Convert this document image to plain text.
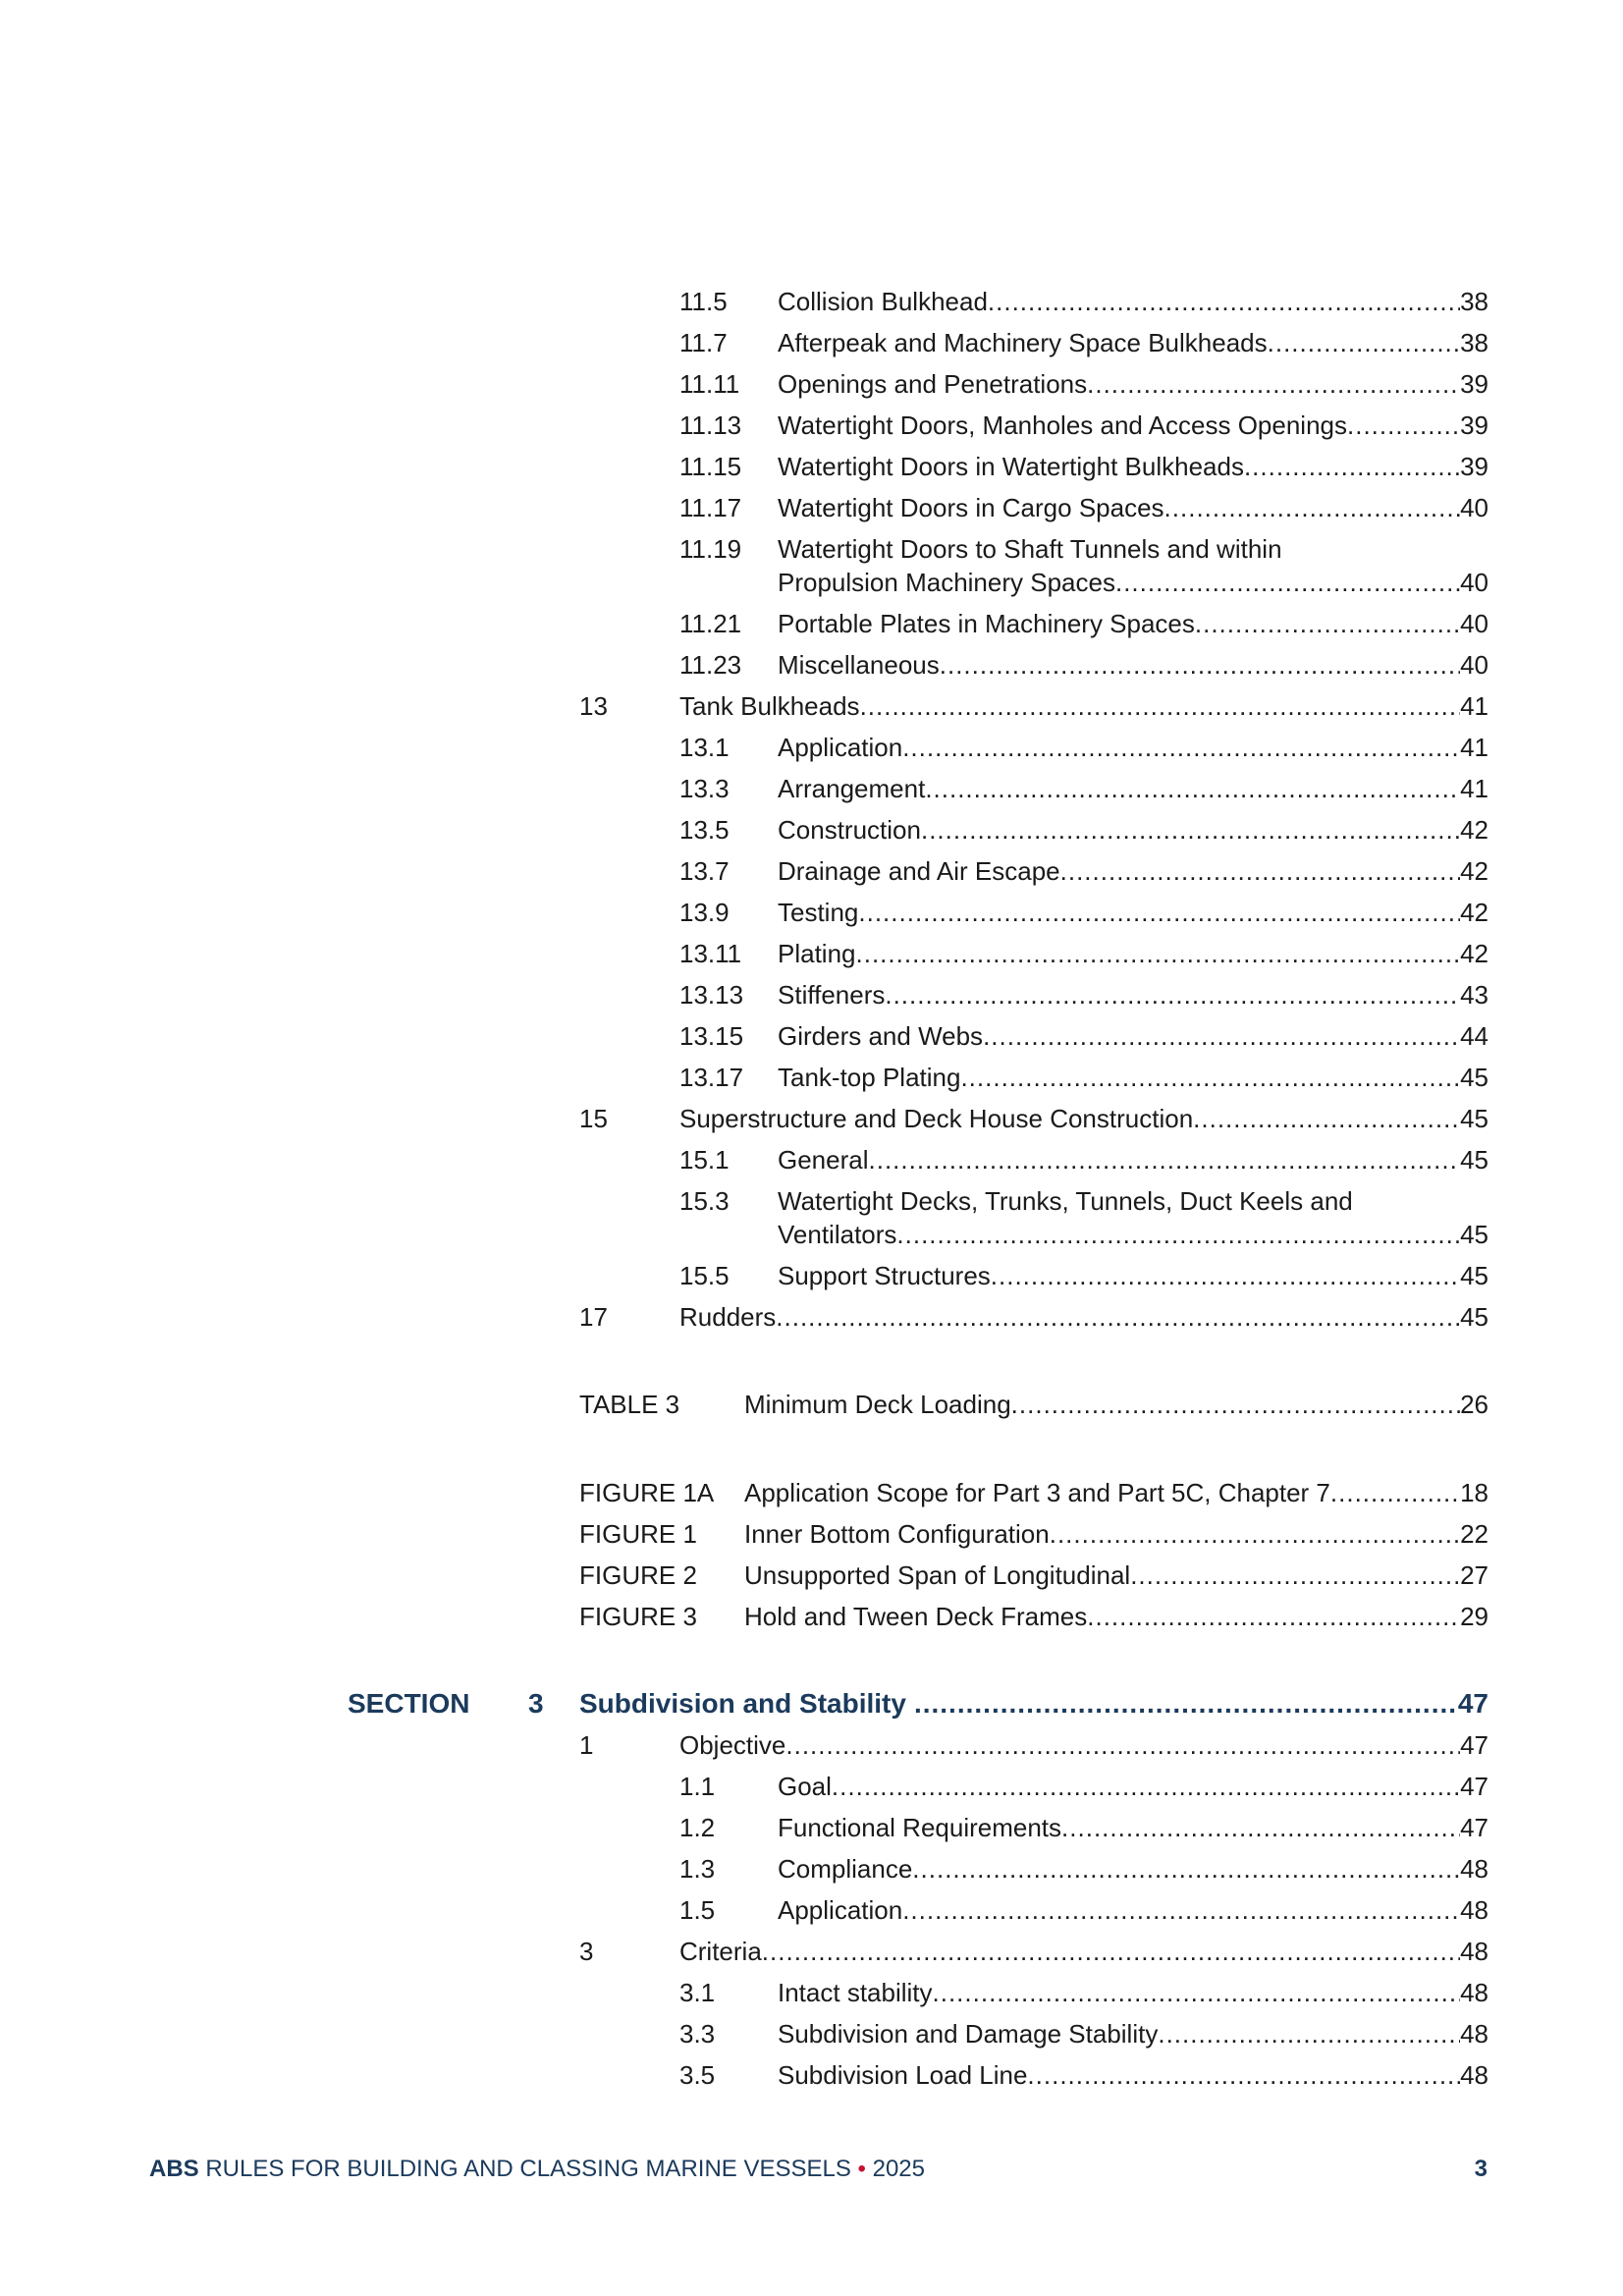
11.5	Collision Bulkhead .....	38
11.7	Afterpeak and Machinery Space Bulkheads .....	38
11.11	Openings and Penetrations .....	39
11.13	Watertight Doors, Manholes and Access Openings .....	39
11.15	Watertight Doors in Watertight Bulkheads .....	39
11.17	Watertight Doors in Cargo Spaces .....	40
11.19 Watertight Doors to Shaft Tunnels and within
Propulsion Machinery Spaces .....	40
11.21	Portable Plates in Machinery Spaces .....	40
11.23	Miscellaneous .....	40
13	Tank Bulkheads .....	41
13.1	Application .....	41
13.3	Arrangement .....	41
13.5	Construction .....	42
13.7	Drainage and Air Escape .....	42
13.9	Testing .....	42
13.11	Plating .....	42
13.13	Stiffeners .....	43
13.15	Girders and Webs .....	44
13.17	Tank-top Plating .....	45
15	Superstructure and Deck House Construction .....	45
15.1	General .....	45
15.3 Watertight Decks, Trunks, Tunnels, Duct Keels and
Ventilators .....	45
15.5	Support Structures .....	45
17	Rudders .....	45
TABLE 3	Minimum Deck Loading .....	26
FIGURE 1A	Application Scope for Part 3 and Part 5C, Chapter 7 .....	18
FIGURE 1	Inner Bottom Configuration .....	22
FIGURE 2	Unsupported Span of Longitudinal .....	27
FIGURE 3	Hold and Tween Deck Frames .....	29
SECTION 3 Subdivision and Stability .....	47
1	Objective .....	47
1.1	Goal .....	47
1.2	Functional Requirements .....	47
1.3	Compliance .....	48
1.5	Application .....	48
3	Criteria .....	48
3.1	Intact stability .....	48
3.3	Subdivision and Damage Stability .....	48
3.5	Subdivision Load Line .....	48
ABS RULES FOR BUILDING AND CLASSING MARINE VESSELS • 2025	3
